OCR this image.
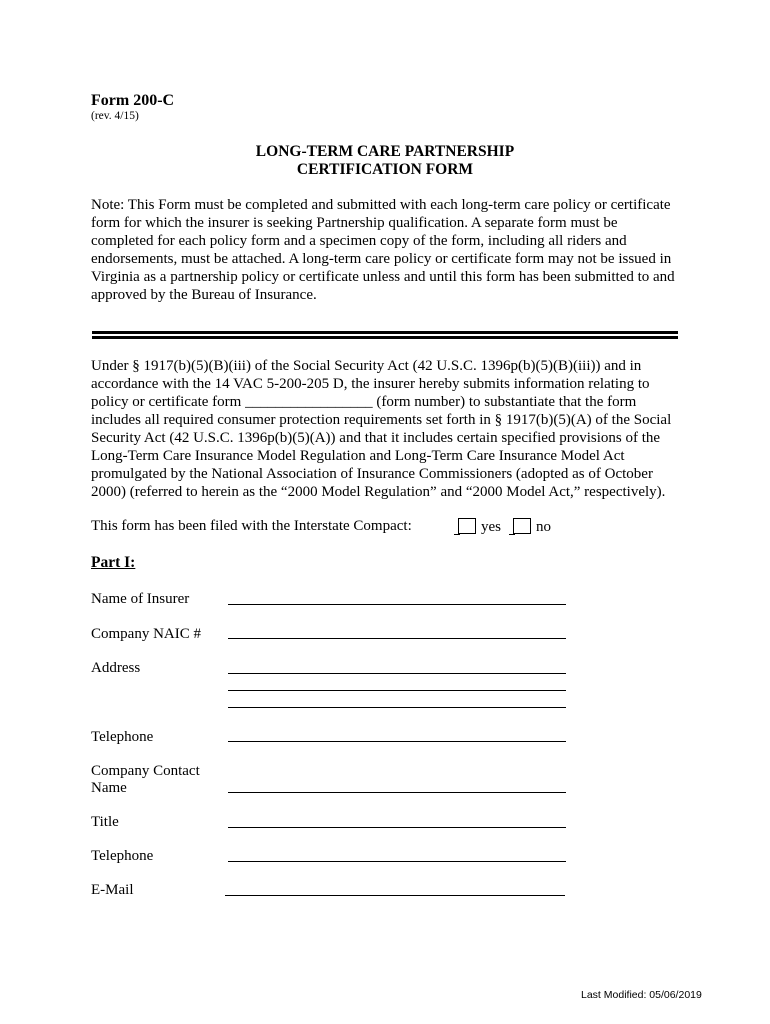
Form 200-C
(rev. 4/15)
LONG-TERM CARE PARTNERSHIP
CERTIFICATION FORM
Note: This Form must be completed and submitted with each long-term care policy or certificate form for which the insurer is seeking Partnership qualification. A separate form must be completed for each policy form and a specimen copy of the form, including all riders and endorsements, must be attached. A long-term care policy or certificate form may not be issued in Virginia as a partnership policy or certificate unless and until this form has been submitted to and approved by the Bureau of Insurance.
Under § 1917(b)(5)(B)(iii) of the Social Security Act (42 U.S.C. 1396p(b)(5)(B)(iii)) and in accordance with the 14 VAC 5-200-205 D, the insurer hereby submits information relating to policy or certificate form _________________ (form number) to substantiate that the form includes all required consumer protection requirements set forth in § 1917(b)(5)(A) of the Social Security Act (42 U.S.C. 1396p(b)(5)(A)) and that it includes certain specified provisions of the Long-Term Care Insurance Model Regulation and Long-Term Care Insurance Model Act promulgated by the National Association of Insurance Commissioners (adopted as of October 2000) (referred to herein as the “2000 Model Regulation” and “2000 Model Act,” respectively).
This form has been filed with the Interstate Compact:	yes no
Part I:
Name of Insurer
Company NAIC #
Address
Telephone
Company Contact
Name
Title
Telephone
E-Mail
Last Modified: 05/06/2019
